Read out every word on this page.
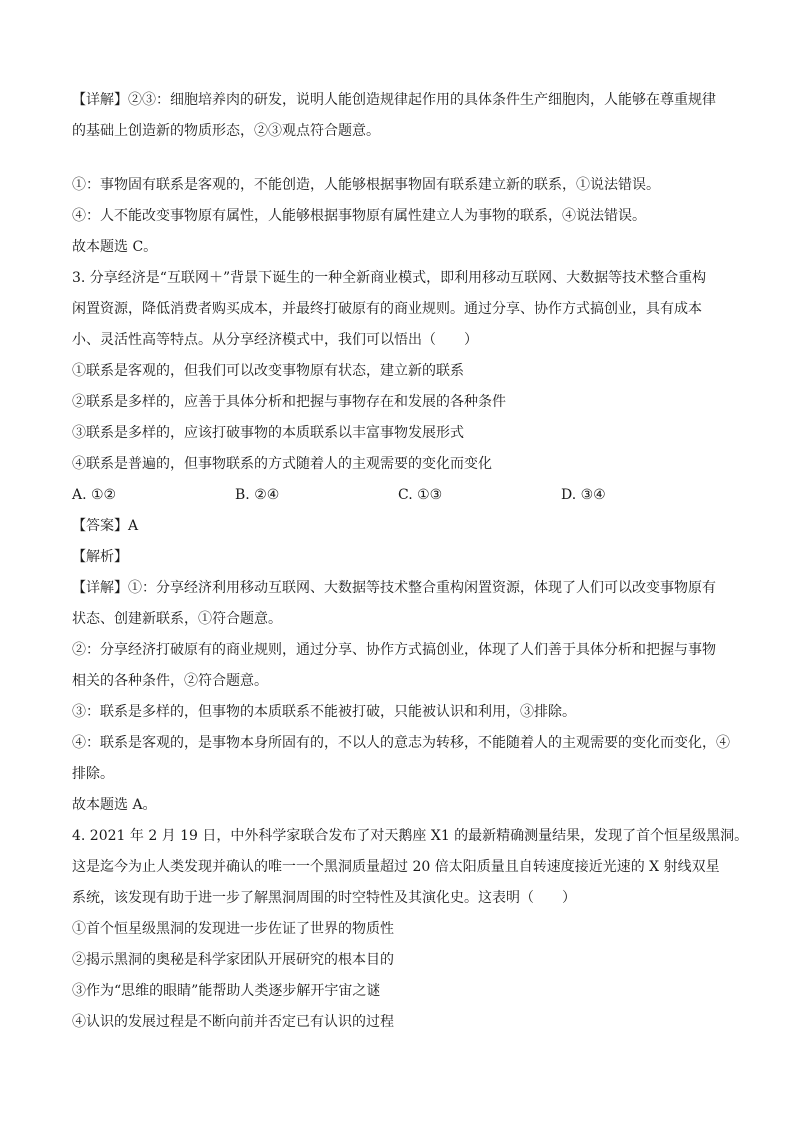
【详解】②③：细胞培养肉的研发，说明人能创造规律起作用的具体条件生产细胞肉，人能够在尊重规律

的基础上创造新的物质形态，②③观点符合题意。

①：事物固有联系是客观的，不能创造，人能够根据事物固有联系建立新的联系，①说法错误。

④：人不能改变事物原有属性，人能够根据事物原有属性建立人为事物的联系，④说法错误。

故本题选 C。

3. 分享经济是“互联网＋”背景下诞生的一种全新商业模式，即利用移动互联网、大数据等技术整合重构

闲置资源，降低消费者购买成本，并最终打破原有的商业规则。通过分享、协作方式搞创业，具有成本

小、灵活性高等特点。从分享经济模式中，我们可以悟出（　　）

①联系是客观的，但我们可以改变事物原有状态，建立新的联系

②联系是多样的，应善于具体分析和把握与事物存在和发展的各种条件

③联系是多样的，应该打破事物的本质联系以丰富事物发展形式

④联系是普遍的，但事物联系的方式随着人的主观需要的变化而变化

A. ①②	B. ②④	C. ①③	D. ③④

【答案】A

【解析】

【详解】①：分享经济利用移动互联网、大数据等技术整合重构闲置资源，体现了人们可以改变事物原有

状态、创建新联系，①符合题意。

②：分享经济打破原有的商业规则，通过分享、协作方式搞创业，体现了人们善于具体分析和把握与事物

相关的各种条件，②符合题意。

③：联系是多样的，但事物的本质联系不能被打破，只能被认识和利用，③排除。

④：联系是客观的，是事物本身所固有的，不以人的意志为转移，不能随着人的主观需要的变化而变化，④

排除。

故本题选 A。

4. 2021 年 2 月 19 日，中外科学家联合发布了对天鹅座 X1 的最新精确测量结果，发现了首个恒星级黑洞。

这是迄今为止人类发现并确认的唯一一个黑洞质量超过 20 倍太阳质量且自转速度接近光速的 X 射线双星

系统，该发现有助于进一步了解黑洞周围的时空特性及其演化史。这表明（　　）

①首个恒星级黑洞的发现进一步佐证了世界的物质性

②揭示黑洞的奥秘是科学家团队开展研究的根本目的

③作为“思维的眼睛”能帮助人类逐步解开宇宙之谜

④认识的发展过程是不断向前并否定已有认识的过程
